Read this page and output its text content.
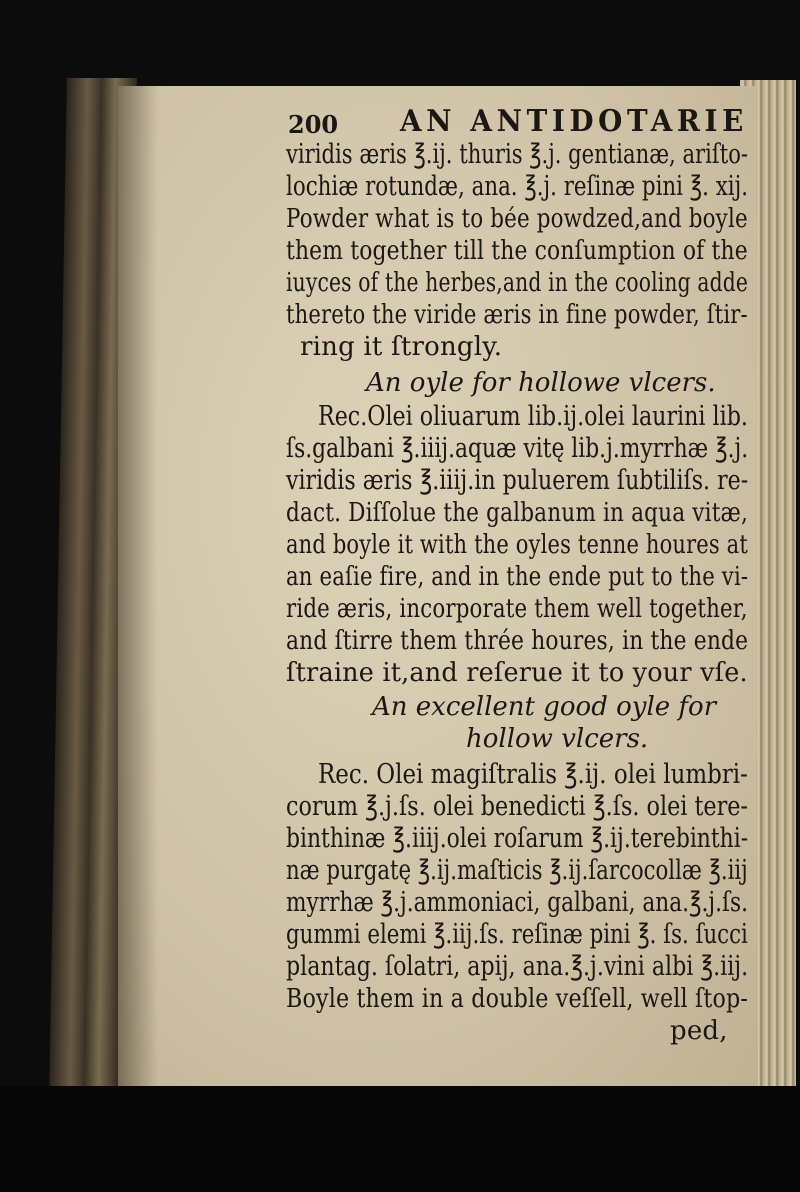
200 AN ANTIDOTARIE
viridis æris ℥.ij. thuris ℥.j. gentianæ, ariſto-
lochiæ rotundæ, ana. ℥.j. reſinæ pini ℥. xij.
Powder what is to bée powdzed,and boyle
them together till the conſumption of the
iuyces of the herbes,and in the cooling adde
thereto the viride æris in fine powder, ſtir-
ring it ſtrongly.
An oyle for hollowe vlcers.
Rec.Olei oliuarum lib.ij.olei laurini lib.
ſs.galbani ℥.iiij.aquæ vitę lib.j.myrrhæ ℥.j.
viridis æris ℥.iiij.in puluerem ſubtiliſs. re-
dact. Diſſolue the galbanum in aqua vitæ,
and boyle it with the oyles tenne houres at
an eaſie fire, and in the ende put to the vi-
ride æris, incorporate them well together,
and ſtirre them thrée houres, in the ende
ſtraine it,and reſerue it to your vſe.
An excellent good oyle for
hollow vlcers.
Rec. Olei magiſtralis ℥.ij. olei lumbri-
corum ℥.j.ſs. olei benedicti ℥.ſs. olei tere-
binthinæ ℥.iiij.olei roſarum ℥.ij.terebinthi-
næ purgatę ℥.ij.maſticis ℥.ij.ſarcocollæ ℥.iij
myrrhæ ℥.j.ammoniaci, galbani, ana.℥.j.ſs.
gummi elemi ℥.iij.ſs. reſinæ pini ℥. ſs. ſucci
plantag. ſolatri, apij, ana.℥.j.vini albi ℥.iij.
Boyle them in a double veſſell, well ſtop-
ped,
